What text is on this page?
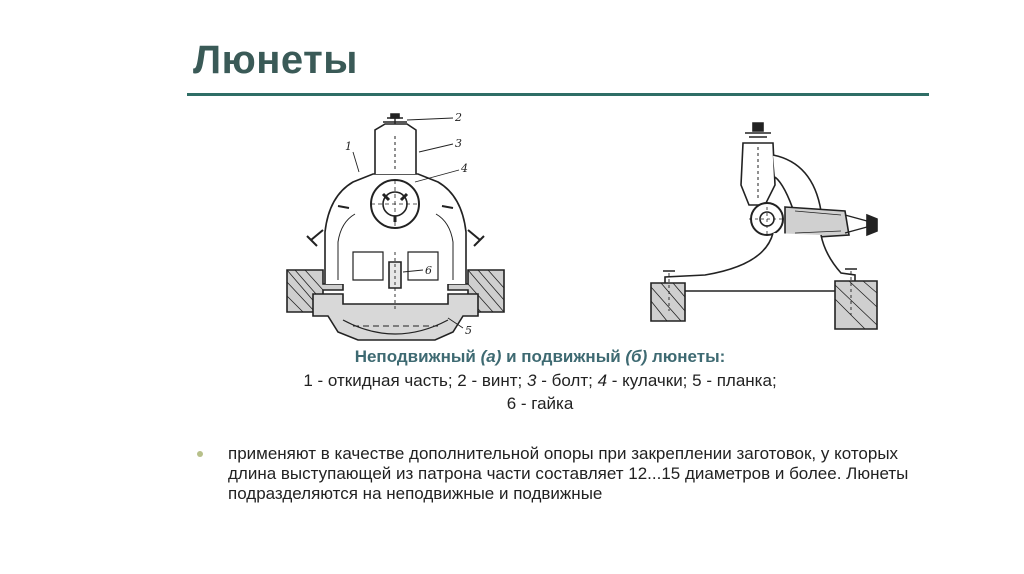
Люнеты
2
3
4
1
6
5

Неподвижный (а) и подвижный (б) люнеты:

1 - откидная часть; 2 - винт; 3 - болт; 4 - кулачки; 5 - планка;

6 - гайка

применяют в качестве дополнительной опоры при закреплении заготовок, у которых длина выступающей из патрона части составляет 12...15 диаметров и более. Люнеты подразделяются на неподвижные и подвижные
